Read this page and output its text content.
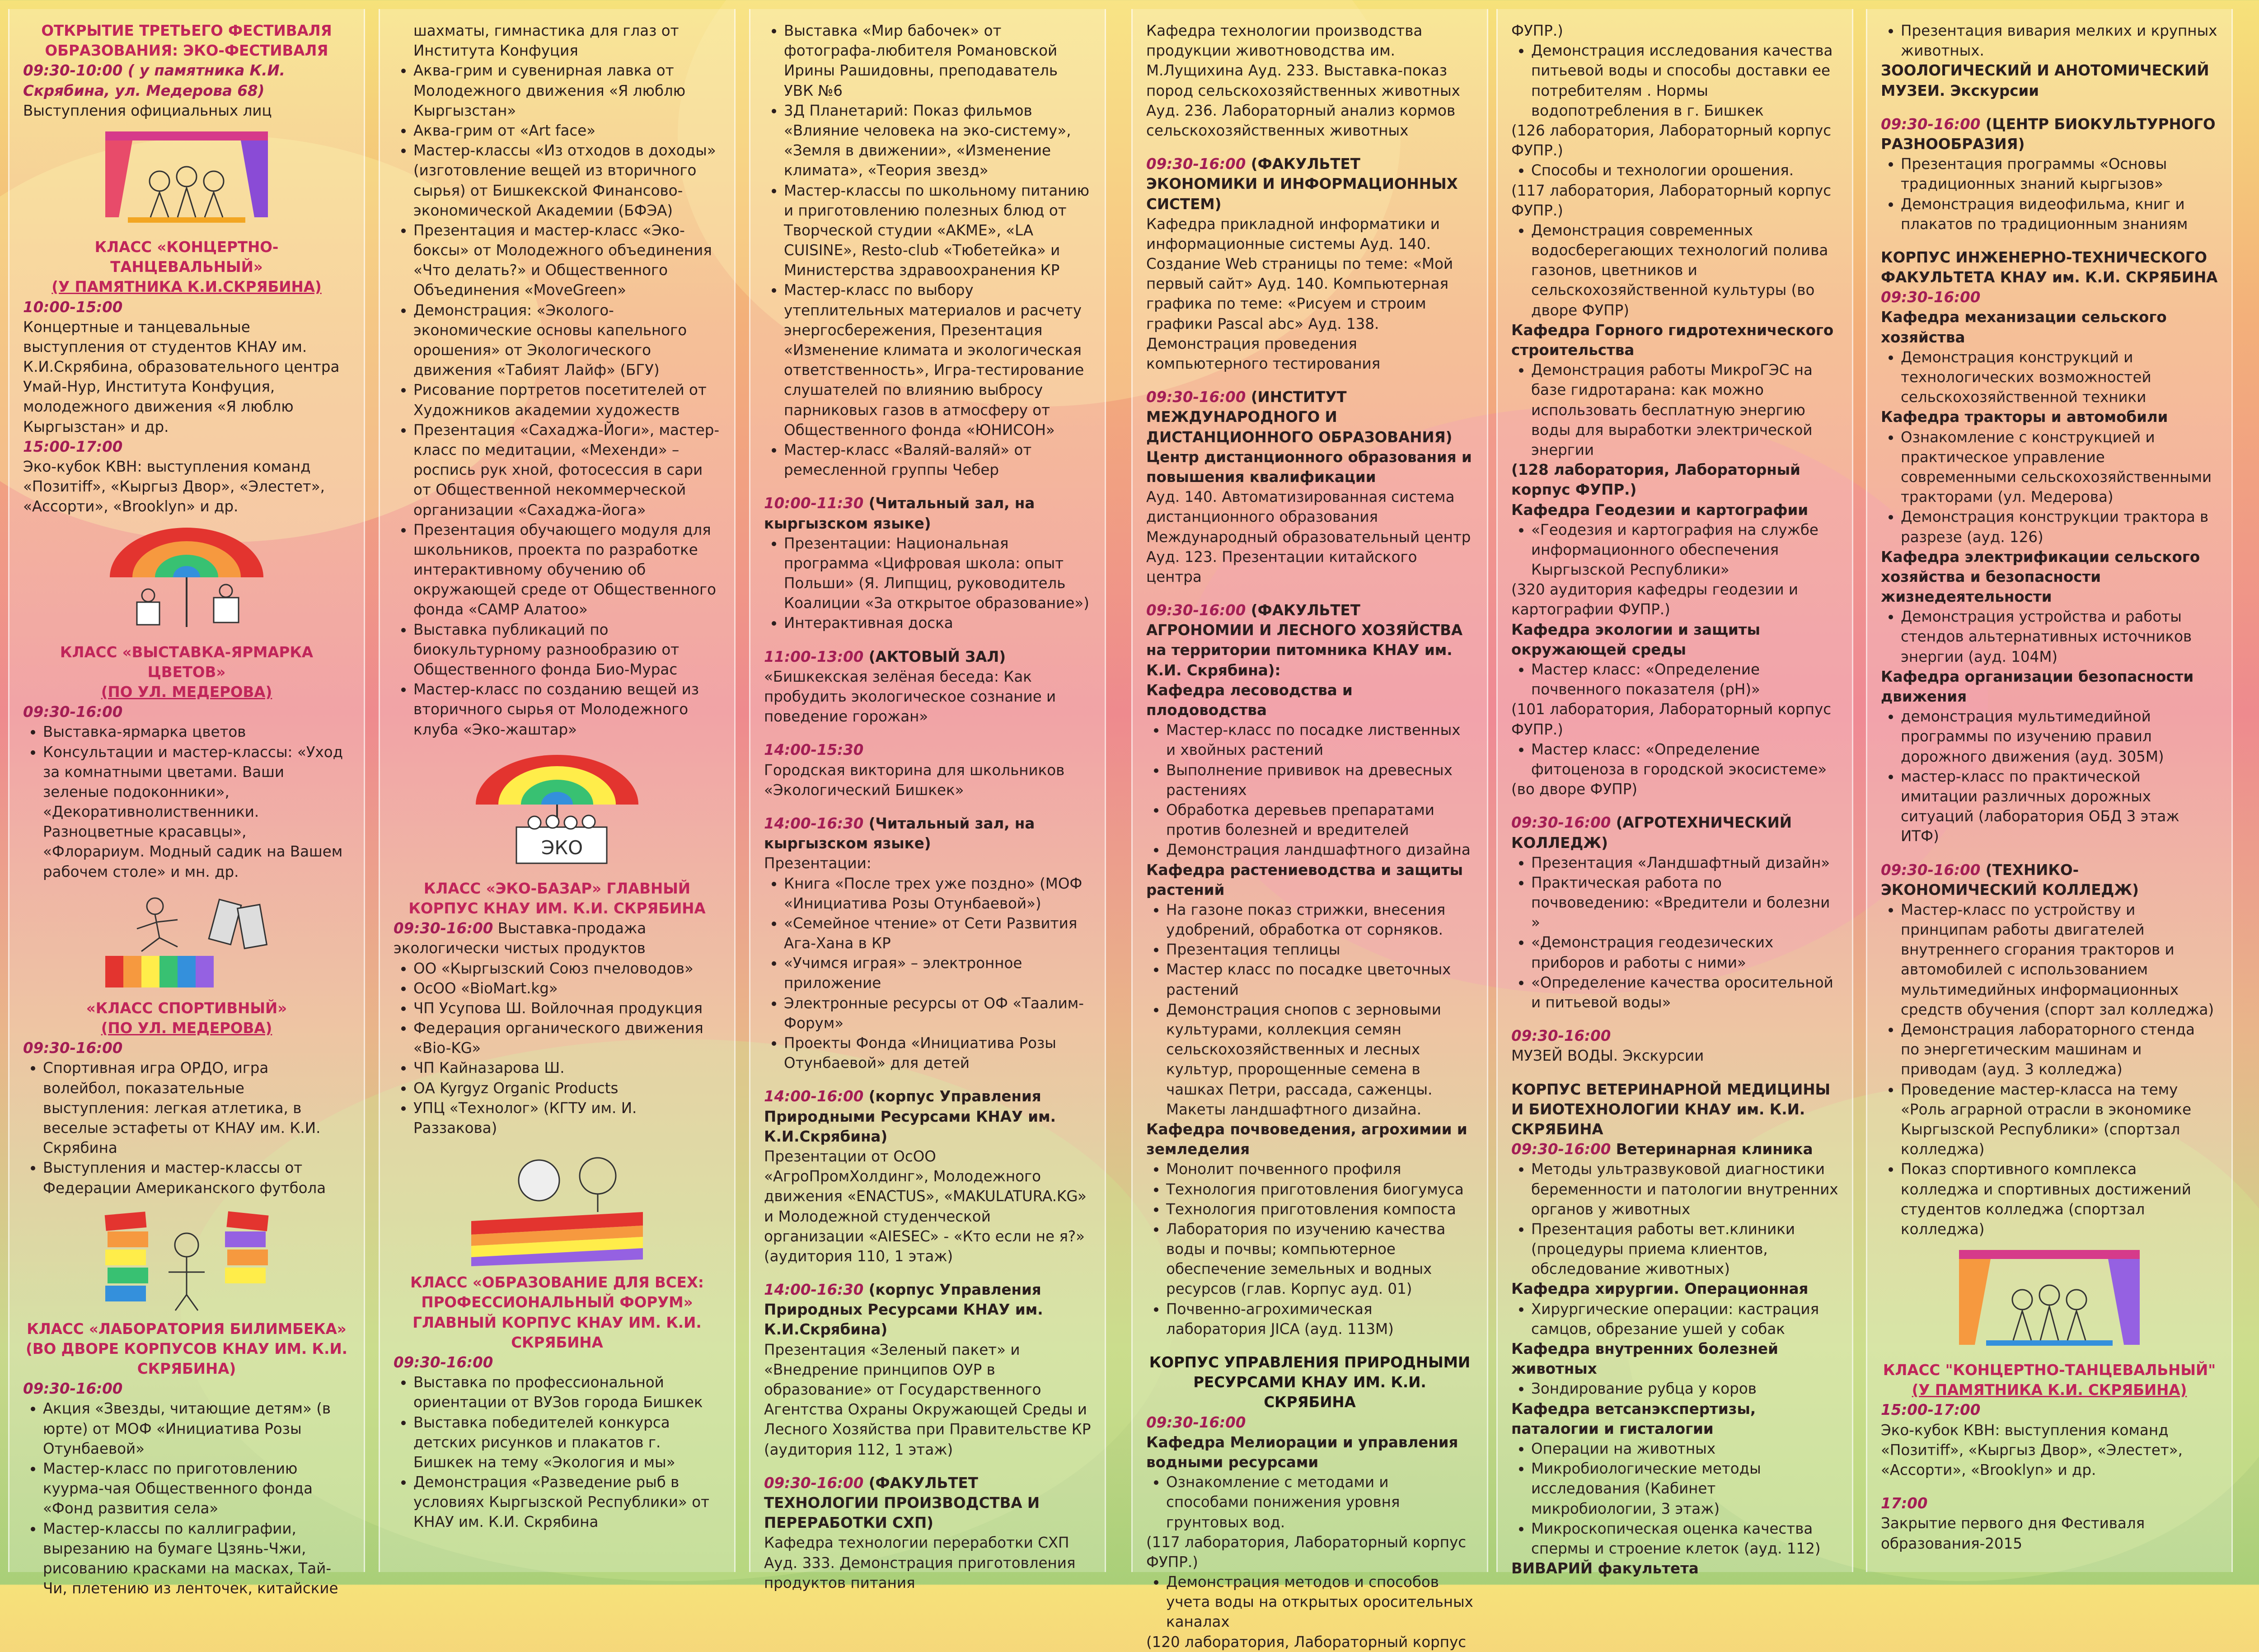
ОТКРЫТИЕ ТРЕТЬЕГО ФЕСТИВАЛЯ ОБРАЗОВАНИЯ: ЭКО-ФЕСТИВАЛЯ
09:30-10:00 ( у памятника К.И. Скрябина, ул. Медерова 68)

Выступления официальных лиц

КЛАСС «КОНЦЕРТНО-ТАНЦЕВАЛЬНЫЙ»
(У ПАМЯТНИКА К.И.СКРЯБИНА)
10:00-15:00

Концертные и танцевальные выступления от студентов КНАУ им. К.И.Скрябина, образовательного центра Умай-Нур, Института Конфуция, молодежного движения «Я люблю Кыргызстан» и др.

15:00-17:00

Эко-кубок КВН: выступления команд «Позитiff», «Кыргыз Двор», «Элестет», «Ассорти», «Brooklyn» и др.

КЛАСС «ВЫСТАВКА-ЯРМАРКА ЦВЕТОВ»
(ПО УЛ. МЕДЕРОВА)
09:30-16:00
• Выставка-ярмарка цветов
• Консультации и мастер-классы: «Уход за комнатными цветами. Ваши зеленые подоконники», «Декоративнолиственники. Разноцветные красавцы», «Флорариум. Модный садик на Вашем рабочем столе» и мн. др.
«КЛАСС СПОРТИВНЫЙ»
(ПО УЛ. МЕДЕРОВА)
09:30-16:00
• Спортивная игра ОРДО, игра волейбол, показательные выступления: легкая атлетика, в веселые эстафеты от КНАУ им. К.И. Скрябина
• Выступления и мастер-классы от Федерации Американского футбола
КЛАСС «ЛАБОРАТОРИЯ БИЛИМБЕКА» (ВО ДВОРЕ КОРПУСОВ КНАУ ИМ. К.И. СКРЯБИНА)
09:30-16:00
• Акция «Звезды, читающие детям» (в юрте) от МОФ «Инициатива Розы Отунбаевой»
• Мастер-класс по приготовлению куурма-чая Общественного фонда «Фонд развития села»
• Мастер-классы по каллиграфии, вырезанию на бумаге Цзянь-Чжи, рисованию красками на масках, Тай-Чи, плетению из ленточек, китайские
шахматы, гимнастика для глаз от Института Конфуция
• Аква-грим и сувенирная лавка от Молодежного движения «Я люблю Кыргызстан»
• Аква-грим от «Art face»
• Мастер-классы «Из отходов в доходы» (изготовление вещей из вторичного сырья) от Бишкекской Финансово-экономической Академии (БФЭА)
• Презентация и мастер-класс «Эко-боксы» от Молодежного объединения «Что делать?» и Общественного Объединения «MoveGreen»
• Демонстрация: «Эколого- экономические основы капельного орошения» от Экологического движения «Табият Лайф» (БГУ)
• Рисование портретов посетителей от Художников академии художеств
• Презентация «Сахаджа-Йоги», мастер-класс по медитации, «Мехенди» – роспись рук хной, фотосессия в сари от Общественной некоммерческой организации «Сахаджа-йога»
• Презентация обучающего модуля для школьников, проекта по разработке интерактивному обучению об окружающей среде от Общественного фонда «САМР Алатоо»
• Выставка публикаций по биокультурному разнообразию от Общественного фонда Био-Мурас
• Мастер-класс по созданию вещей из вторичного сырья от Молодежного клуба «Эко-жаштар»
ЭКО
КЛАСС «ЭКО-БАЗАР» ГЛАВНЫЙ КОРПУС КНАУ ИМ. К.И. СКРЯБИНА

09:30-16:00 Выставка-продажа экологически чистых продуктов

• ОО «Кыргызский Союз пчеловодов»
• ОсОО «BioMart.kg»
• ЧП Усупова Ш. Войлочная продукция
• Федерация органического движения «Bio-KG»
• ЧП Кайназарова Ш.
• ОА Kyrgyz Organic Products
• УПЦ «Технолог» (КГТУ им. И. Раззакова)
КЛАСС «ОБРАЗОВАНИЕ ДЛЯ ВСЕХ: ПРОФЕССИОНАЛЬНЫЙ ФОРУМ» ГЛАВНЫЙ КОРПУС КНАУ ИМ. К.И. СКРЯБИНА
09:30-16:00
• Выставка по профессиональной ориентации от ВУЗов города Бишкек
• Выставка победителей конкурса детских рисунков и плакатов г. Бишкек на тему «Экология и мы»
• Демонстрация «Разведение рыб в условиях Кыргызской Республики» от КНАУ им. К.И. Скрябина
• Выставка «Мир бабочек» от фотографа-любителя Романовской Ирины Рашидовны, преподаватель УВК №6
• 3Д Планетарий: Показ фильмов «Влияние человека на эко-систему», «Земля в движении», «Изменение климата», «Теория звезд»
• Мастер-классы по школьному питанию и приготовлению полезных блюд от Творческой студии «AKME», «LA CUISINE», Resto-club «Тюбетейка» и Министерства здравоохранения КР
• Мастер-класс по выбору утеплительных материалов и расчету энергосбережения, Презентация «Изменение климата и экологическая ответственность», Игра-тестирование слушателей по влиянию выбросу парниковых газов в атмосферу от Общественного фонда «ЮНИСОН»
• Мастер-класс «Валяй-валяй» от ремесленной группы Чебер

10:00-11:30 (Читальный зал, на кыргызском языке)

• Презентации: Национальная программа «Цифровая школа: опыт Польши» (Я. Липщиц, руководитель Коалиции «За открытое образование»)
• Интерактивная доска

11:00-13:00 (АКТОВЫЙ ЗАЛ)

«Бишкекская зелёная беседа: Как пробудить экологическое сознание и поведение горожан»

14:00-15:30

Городская викторина для школьников «Экологический Бишкек»

14:00-16:30 (Читальный зал, на кыргызском языке)

Презентации:

• Книга «После трех уже поздно» (МОФ «Инициатива Розы Отунбаевой»)
• «Семейное чтение» от Сети Развития Ага-Хана в КР
• «Учимся играя» – электронное приложение
• Электронные ресурсы от ОФ «Таалим-Форум»
• Проекты Фонда «Инициатива Розы Отунбаевой» для детей

14:00-16:00 (корпус Управления Природными Ресурсами КНАУ им. К.И.Скрябина)

Презентации от ОсОО «АгроПромХолдинг», Молодежного движения «ENACTUS», «MAKULATURA.KG» и Молодежной студенческой организации «AIESEC» - «Кто если не я?» (аудитория 110, 1 этаж)

14:00-16:30 (корпус Управления Природных Ресурсами КНАУ им. К.И.Скрябина)

Презентация «Зеленый пакет» и «Внедрение принципов ОУР в образование» от Государственного Агентства Охраны Окружающей Среды и Лесного Хозяйства при Правительстве КР (аудитория 112, 1 этаж)

09:30-16:00 (ФАКУЛЬТЕТ ТЕХНОЛОГИИ ПРОИЗВОДСТВА И ПЕРЕРАБОТКИ СХП)

Кафедра технологии переработки СХП Ауд. 333. Демонстрация приготовления продуктов питания

Кафедра технологии производства продукции животноводства им. М.Лущихина Ауд. 233. Выставка-показ пород сельскохозяйственных животных Ауд. 236. Лабораторный анализ кормов сельскохозяйственных животных

09:30-16:00 (ФАКУЛЬТЕТ ЭКОНОМИКИ И ИНФОРМАЦИОННЫХ СИСТЕМ)

Кафедра прикладной информатики и информационные системы Ауд. 140. Создание Web страницы по теме: «Мой первый сайт» Ауд. 140. Компьютерная графика по теме: «Рисуем и строим графики Pascal abc» Ауд. 138. Демонстрация проведения компьютерного тестирования

09:30-16:00 (ИНСТИТУТ МЕЖДУНАРОДНОГО И ДИСТАНЦИОННОГО ОБРАЗОВАНИЯ)

Центр дистанционного образования и повышения квалификации

Ауд. 140. Автоматизированная система дистанционного образования Международный образовательный центр Ауд. 123. Презентации китайского центра

09:30-16:00 (ФАКУЛЬТЕТ АГРОНОМИИ И ЛЕСНОГО ХОЗЯЙСТВА на территории питомника КНАУ им. К.И. Скрябина):

Кафедра лесоводства и плодоводства

• Мастер-класс по посадке лиственных и хвойных растений
• Выполнение прививок на древесных растениях
• Обработка деревьев препаратами против болезней и вредителей
• Демонстрация ландшафтного дизайна

Кафедра растениеводства и защиты растений

• На газоне показ стрижки, внесения удобрений, обработка от сорняков.
• Презентация теплицы
• Мастер класс по посадке цветочных растений
• Демонстрация снопов с зерновыми культурами, коллекция семян сельскохозяйственных и лесных культур, пророщенные семена в чашках Петри, рассада, саженцы. Макеты ландшафтного дизайна.

Кафедра почвоведения, агрохимии и земледелия

• Монолит почвенного профиля
• Технология приготовления биогумуса
• Технология приготовления компоста
• Лаборатория по изучению качества воды и почвы; компьютерное обеспечение земельных и водных ресурсов (глав. Корпус ауд. 01)
• Почвенно-агрохимическая лаборатория JICA (ауд. 113М)
КОРПУС УПРАВЛЕНИЯ ПРИРОДНЫМИ РЕСУРСАМИ КНАУ ИМ. К.И. СКРЯБИНА
09:30-16:00

Кафедра Мелиорации и управления водными ресурсами

• Ознакомление с методами и способами понижения уровня грунтовых вод.

(117 лаборатория, Лабораторный корпус ФУПР.)

• Демонстрация методов и способов учета воды на открытых оросительных каналах

(120 лаборатория, Лабораторный корпус

ФУПР.)

• Демонстрация исследования качества питьевой воды и способы доставки ее потребителям . Нормы водопотребления в г. Бишкек

(126 лаборатория, Лабораторный корпус ФУПР.)

• Способы и технологии орошения.

(117 лаборатория, Лабораторный корпус ФУПР.)

• Демонстрация современных водосберегающих технологий полива газонов, цветников и сельскохозяйственной культуры (во дворе ФУПР)

Кафедра Горного гидротехнического строительства

• Демонстрация работы МикроГЭС на базе гидротарана: как можно использовать бесплатную энергию воды для выработки электрической энергии

(128 лаборатория, Лабораторный корпус ФУПР.)

Кафедра Геодезии и картографии

• «Геодезия и картография на службе информационного обеспечения Кыргызской Республики»

(320 аудитория кафедры геодезии и картографии ФУПР.)

Кафедра экологии и защиты окружающей среды

• Мастер класс: «Определение почвенного показателя (pH)»

(101 лаборатория, Лабораторный корпус ФУПР.)

• Мастер класс: «Определение фитоценоза в городской экосистеме»

(во дворе ФУПР)

09:30-16:00 (АГРОТЕХНИЧЕСКИЙ КОЛЛЕДЖ)

• Презентация «Ландшафтный дизайн»
• Практическая работа по почвоведению: «Вредители и болезни »
• «Демонстрация геодезических приборов и работы с ними»
• «Определение качества оросительной и питьевой воды»
09:30-16:00

МУЗЕЙ ВОДЫ. Экскурсии

КОРПУС ВЕТЕРИНАРНОЙ МЕДИЦИНЫ И БИОТЕХНОЛОГИИ КНАУ им. К.И. СКРЯБИНА

09:30-16:00 Ветеринарная клиника

• Методы ультразвуковой диагностики беременности и патологии внутренних органов у животных
• Презентация работы вет.клиники (процедуры приема клиентов, обследование животных)

Кафедра хирургии. Операционная

• Хирургические операции: кастрация самцов, обрезание ушей у собак

Кафедра внутренних болезней животных

• Зондирование рубца у коров

Кафедра ветсанэкспертизы, паталогии и гисталогии

• Операции на животных
• Микробиологические методы исследования (Кабинет микробиологии, 3 этаж)
• Микроскопическая оценка качества спермы и строение клеток (ауд. 112)

ВИВАРИЙ факультета

• Презентация вивария мелких и крупных животных.

ЗООЛОГИЧЕСКИЙ И АНОТОМИЧЕСКИЙ МУЗЕИ. Экскурсии

09:30-16:00 (ЦЕНТР БИОКУЛЬТУРНОГО РАЗНООБРАЗИЯ)

• Презентация программы «Основы традиционных знаний кыргызов»
• Демонстрация видеофильма, книг и плакатов по традиционным знаниям

КОРПУС ИНЖЕНЕРНО-ТЕХНИЧЕСКОГО ФАКУЛЬТЕТА КНАУ им. К.И. СКРЯБИНА

09:30-16:00

Кафедра механизации сельского хозяйства

• Демонстрация конструкций и технологических возможностей сельскохозяйственной техники

Кафедра тракторы и автомобили

• Ознакомление с конструкцией и практическое управление современными сельскохозяйственными тракторами (ул. Медерова)
• Демонстрация конструкции трактора в разрезе (ауд. 126)

Кафедра электрификации сельского хозяйства и безопасности жизнедеятельности

• Демонстрация устройства и работы стендов альтернативных источников энергии (ауд. 104М)

Кафедра организации безопасности движения

• демонстрация мультимедийной программы по изучению правил дорожного движения (ауд. 305М)
• мастер-класс по практической имитации различных дорожных ситуаций (лаборатория ОБД 3 этаж ИТФ)

09:30-16:00 (ТЕХНИКО-ЭКОНОМИЧЕСКИЙ КОЛЛЕДЖ)

• Мастер-класс по устройству и принципам работы двигателей внутреннего сгорания тракторов и автомобилей с использованием мультимедийных информационных средств обучения (спорт зал колледжа)
• Демонстрация лабораторного стенда по энергетическим машинам и приводам (ауд. 3 колледжа)
• Проведение мастер-класса на тему «Роль аграрной отрасли в экономике Кыргызской Республики» (спортзал колледжа)
• Показ спортивного комплекса колледжа и спортивных достижений студентов колледжа (спортзал колледжа)
КЛАСС "КОНЦЕРТНО-ТАНЦЕВАЛЬНЫЙ"
(У ПАМЯТНИКА К.И. СКРЯБИНА)
15:00-17:00

Эко-кубок КВН: выступления команд «Позитiff», «Кыргыз Двор», «Элестет», «Ассорти», «Brooklyn» и др.

17:00

Закрытие первого дня Фестиваля образования-2015
